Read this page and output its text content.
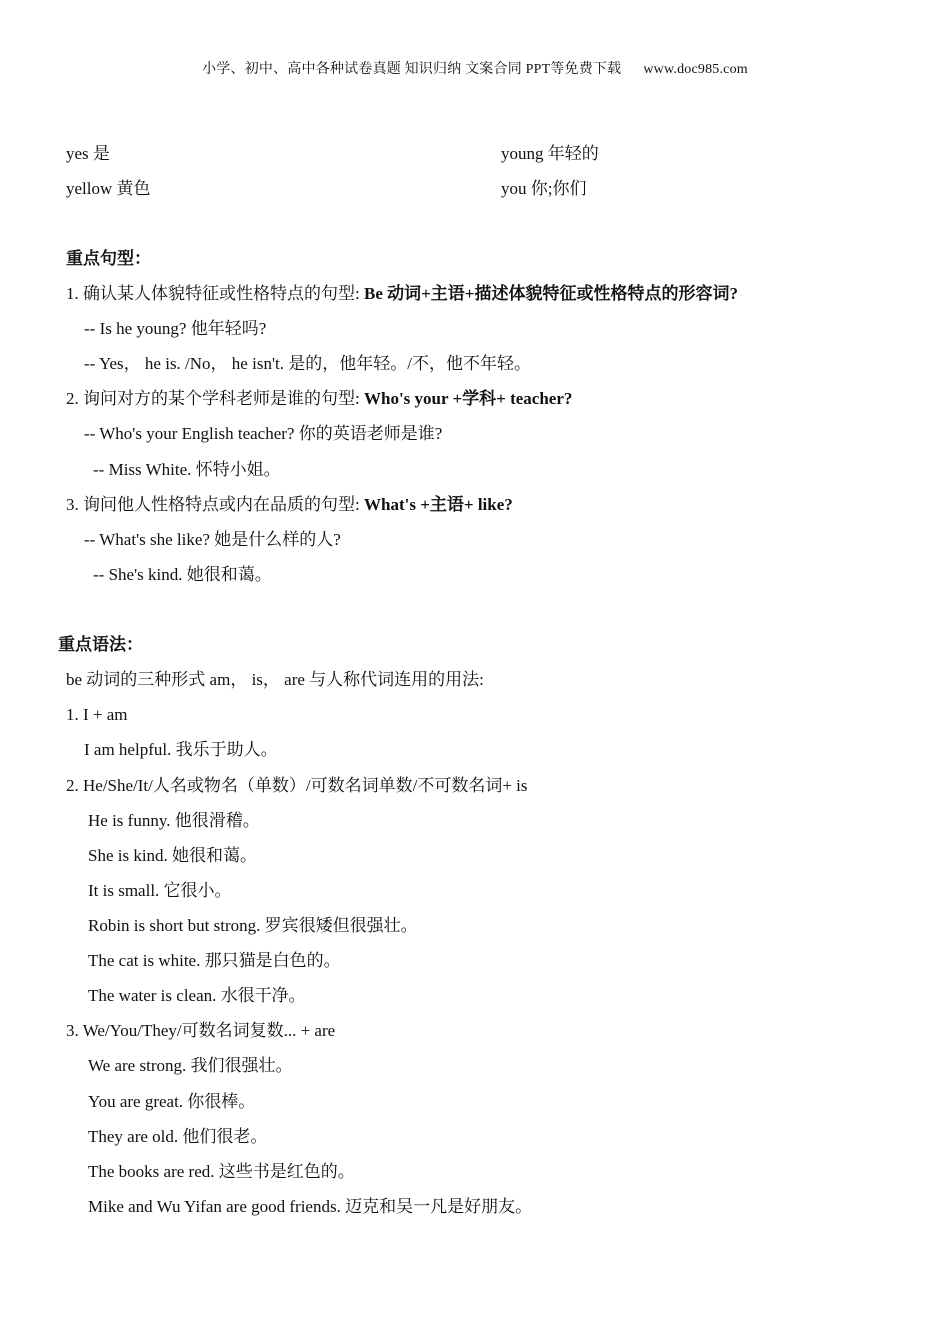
小学、初中、高中各种试卷真题 知识归纳 文案合同 PPT等免费下载 www.doc985.com
yes 是	young 年轻的
yellow 黄色	you 你;你们
重点句型：
1. 确认某人体貌特征或性格特点的句型: Be 动词+主语+描述体貌特征或性格特点的形容词?
-- Is he young? 他年轻吗?
-- Yes， he is. /No， he isn't. 是的，他年轻。/不，他不年轻。
2. 询问对方的某个学科老师是谁的句型: Who's your +学科+ teacher?
-- Who's your English teacher? 你的英语老师是谁?
-- Miss White. 怀特小姐。
3. 询问他人性格特点或内在品质的句型: What's +主语+ like?
-- What's she like? 她是什么样的人?
-- She's kind. 她很和蔼。
重点语法：
be 动词的三种形式 am， is， are 与人称代词连用的用法:
1. I + am
I am helpful. 我乐于助人。
2. He/She/It/人名或物名（单数）/可数名词单数/不可数名词+ is
He is funny. 他很滑稽。
She is kind. 她很和蔼。
It is small. 它很小。
Robin is short but strong. 罗宾很矮但很强壮。
The cat is white. 那只猫是白色的。
The water is clean. 水很干净。
3. We/You/They/可数名词复数... + are
We are strong. 我们很强壮。
You are great. 你很棒。
They are old. 他们很老。
The books are red. 这些书是红色的。
Mike and Wu Yifan are good friends. 迈克和吴一凡是好朋友。
